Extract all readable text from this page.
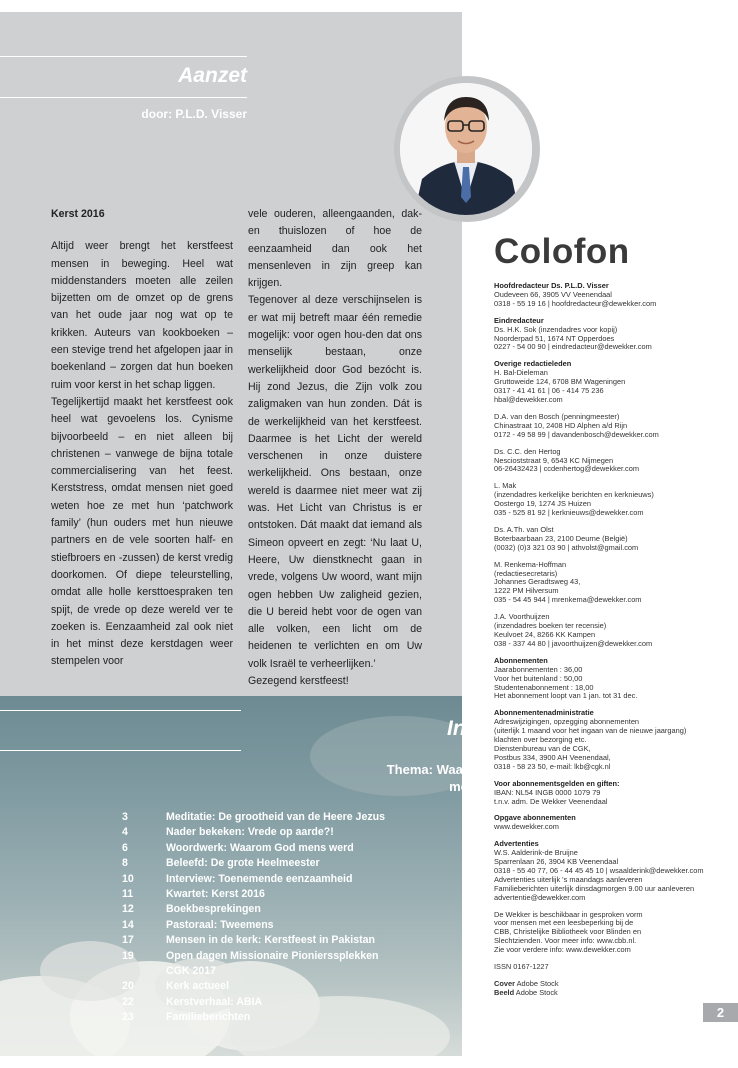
Aanzet
door: P.L.D. Visser

Kerst 2016

Altijd weer brengt het kerstfeest mensen in beweging. Heel wat middenstanders moeten alle zeilen bijzetten om de omzet op de grens van het oude jaar nog wat op te krikken. Auteurs van kookboeken – een stevige trend het afgelopen jaar in boekenland – zorgen dat hun boeken ruim voor kerst in het schap liggen.

Tegelijkertijd maakt het kerstfeest ook heel wat gevoelens los. Cynisme bijvoorbeeld – en niet alleen bij christenen – vanwege de bijna totale commercialisering van het feest. Kerststress, omdat mensen niet goed weten hoe ze met hun ‘patchwork family’ (hun ouders met hun nieuwe partners en de vele soorten half- en stiefbroers en -zussen) de kerst vredig doorkomen. Of diepe teleurstelling, omdat alle holle kersttoespraken ten spijt, de vrede op deze wereld ver te zoeken is. Eenzaamheid zal ook niet in het minst deze kerstdagen weer stempelen voor

vele ouderen, alleengaanden, dak- en thuislozen of hoe de eenzaamheid dan ook het mensenleven in zijn greep kan krijgen.

Tegenover al deze verschijnselen is er wat mij betreft maar één remedie mogelijk: voor ogen hou-den dat ons menselijk bestaan, onze werkelijkheid door God bezócht is. Hij zond Jezus, die Zijn volk zou zaligmaken van hun zonden. Dát is de werkelijkheid van het kerstfeest. Daarmee is het Licht der wereld verschenen in onze duistere werkelijkheid. Ons bestaan, onze wereld is daarmee niet meer wat zij was. Het Licht van Christus is er ontstoken. Dát maakt dat iemand als Simeon opveert en zegt: ‘Nu laat U, Heere, Uw dienstknecht gaan in vrede, volgens Uw woord, want mijn ogen hebben Uw zaligheid gezien, die U bereid hebt voor de ogen van alle volken, een licht om de heidenen te verlichten en om Uw volk Israël te verheerlijken.’

Gezegend kerstfeest!

Inhoud
Thema: Waarom God
mens werd
3	Meditatie: De grootheid van de Heere Jezus
4	Nader bekeken: Vrede op aarde?!
6	Woordwerk: Waarom God mens werd
8	Beleefd: De grote Heelmeester
10	Interview: Toenemende eenzaamheid
11	Kwartet: Kerst 2016
12	Boekbesprekingen
14	Pastoraal: Tweemens
17	Mensen in de kerk: Kerstfeest in Pakistan
19	Open dagen Missionaire Pionierssplekken
CGK 2017
20	Kerk actueel
22	Kerstverhaal: ABIA
23	Familieberichten
Colofon
Hoofdredacteur Ds. P.L.D. Visser
Oudeveen 66, 3905 VV Veenendaal
0318 - 55 19 16 | hoofdredacteur@dewekker.com
Eindredacteur
Ds. H.K. Sok (inzendadres voor kopij)
Noorderpad 51, 1674 NT Opperdoes
0227 - 54 00 90 | eindredacteur@dewekker.com
Overige redactieleden
H. Bal-Dieleman
Gruttoweide 124, 6708 BM Wageningen
0317 - 41 41 61 | 06 - 414 75 236
hbal@dewekker.com
D.A. van den Bosch (penningmeester)
Chinastraat 10, 2408 HD Alphen a/d Rijn
0172 - 49 58 99 | davandenbosch@dewekker.com
Ds. C.C. den Hertog
Nescioststraat 9, 6543 KC Nijmegen
06-26432423 | ccdenhertog@dewekker.com
L. Mak
(inzendadres kerkelijke berichten en kerknieuws)
Oostergo 19, 1274 JS Huizen
035 - 525 81 92 | kerknieuws@dewekker.com
Ds. A.Th. van Olst
Boterbaarbaan 23, 2100 Deurne (België)
(0032) (0)3 321 03 90 | athvolst@gmail.com
M. Renkema-Hoffman
(redactiesecretaris)
Johannes Geradtsweg 43,
1222 PM Hilversum
035 - 54 45 944 | mrenkema@dewekker.com
J.A. Voorthuijzen
(inzendadres boeken ter recensie)
Keulvoet 24, 8266 KK Kampen
038 - 337 44 80 | javoorthuijzen@dewekker.com
Abonnementen
Jaarabonnementen : 36,00
Voor het buitenland : 50,00
Studentenabonnement : 18,00
Het abonnement loopt van 1 jan. tot 31 dec.
Abonnementenadministratie
Adreswijzigingen, opzegging abonnementen
(uiterlijk 1 maand voor het ingaan van de nieuwe jaargang)
klachten over bezorging etc.
Dienstenbureau van de CGK,
Postbus 334, 3900 AH Veenendaal,
0318 - 58 23 50, e-mail: lkb@cgk.nl
Voor abonnementsgelden en giften:
IBAN: NL54 INGB 0000 1079 79
t.n.v. adm. De Wekker Veenendaal
Opgave abonnementen
www.dewekker.com
Advertenties
W.S. Aalderink-de Bruijne
Sparrenlaan 26, 3904 KB Veenendaal
0318 - 55 40 77, 06 - 44 45 45 10 | wsaalderink@dewekker.com
Advertenties uiterlijk 's maandags aanleveren
Familieberichten uiterlijk dinsdagmorgen 9.00 uur aanleveren
advertentie@dewekker.com
De Wekker is beschikbaar in gesproken vorm
voor mensen met een leesbeperking bij de
CBB, Christelijke Bibliotheek voor Blinden en
Slechtzienden. Voor meer info: www.cbb.nl.
Zie voor verdere info: www.dewekker.com
ISSN 0167-1227
Cover Adobe Stock
Beeld Adobe Stock
2
